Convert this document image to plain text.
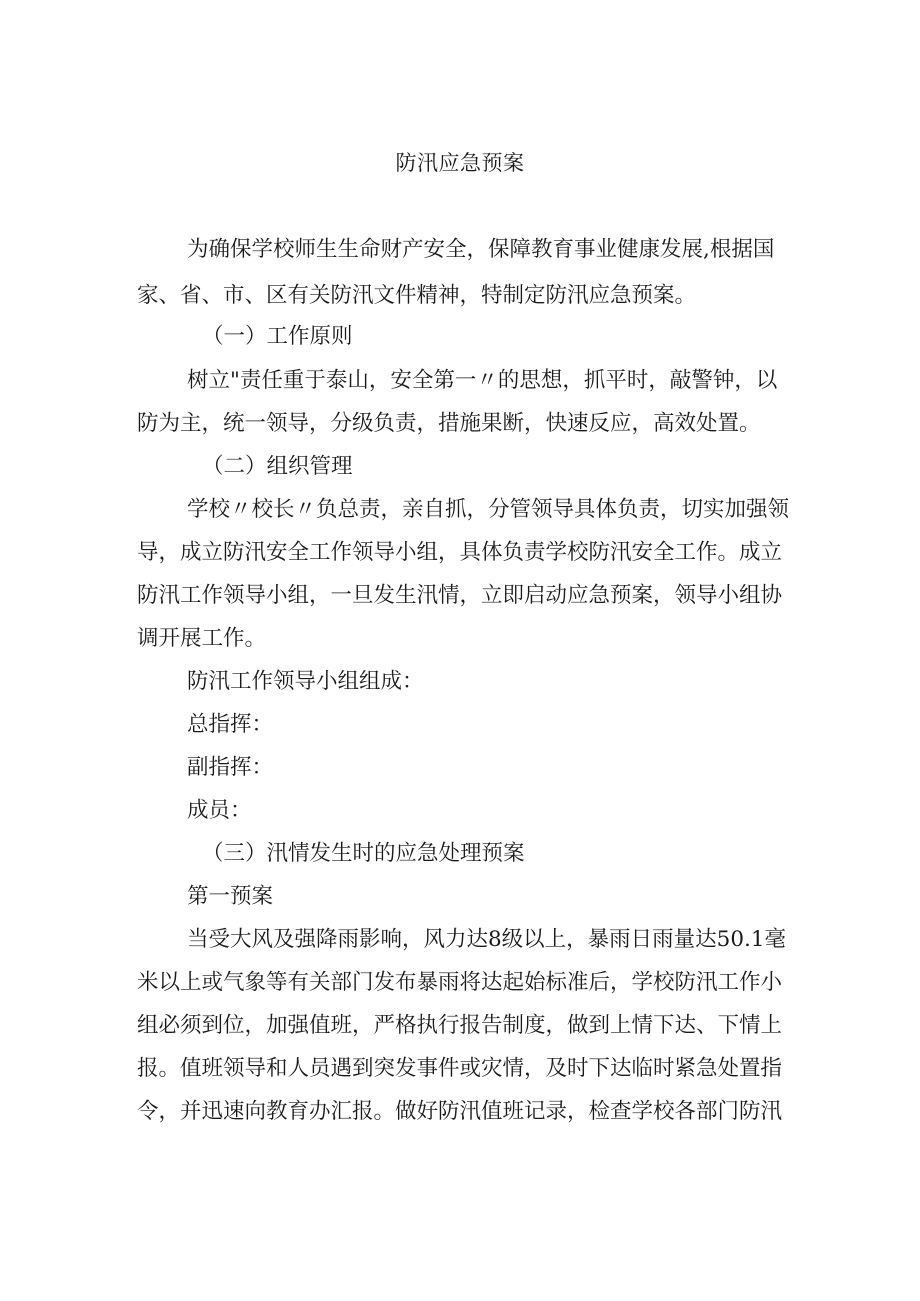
防汛应急预案
为确保学校师生生命财产安全，保障教育事业健康发展,根据国
家、省、市、区有关防汛文件精神，特制定防汛应急预案。
（一）工作原则
树立"责任重于泰山，安全第一〃的思想，抓平时，敲警钟，以
防为主，统一领导，分级负责，措施果断，快速反应，高效处置。
（二）组织管理
学校〃校长〃负总责，亲自抓，分管领导具体负责，切实加强领
导，成立防汛安全工作领导小组，具体负责学校防汛安全工作。成立
防汛工作领导小组，一旦发生汛情，立即启动应急预案，领导小组协
调开展工作。
防汛工作领导小组组成：
总指挥：
副指挥：
成员：
（三）汛情发生时的应急处理预案
第一预案
当受大风及强降雨影响，风力达8级以上，暴雨日雨量达50.1毫
米以上或气象等有关部门发布暴雨将达起始标准后，学校防汛工作小
组必须到位，加强值班，严格执行报告制度，做到上情下达、下情上
报。值班领导和人员遇到突发事件或灾情，及时下达临时紧急处置指
令，并迅速向教育办汇报。做好防汛值班记录，检查学校各部门防汛
